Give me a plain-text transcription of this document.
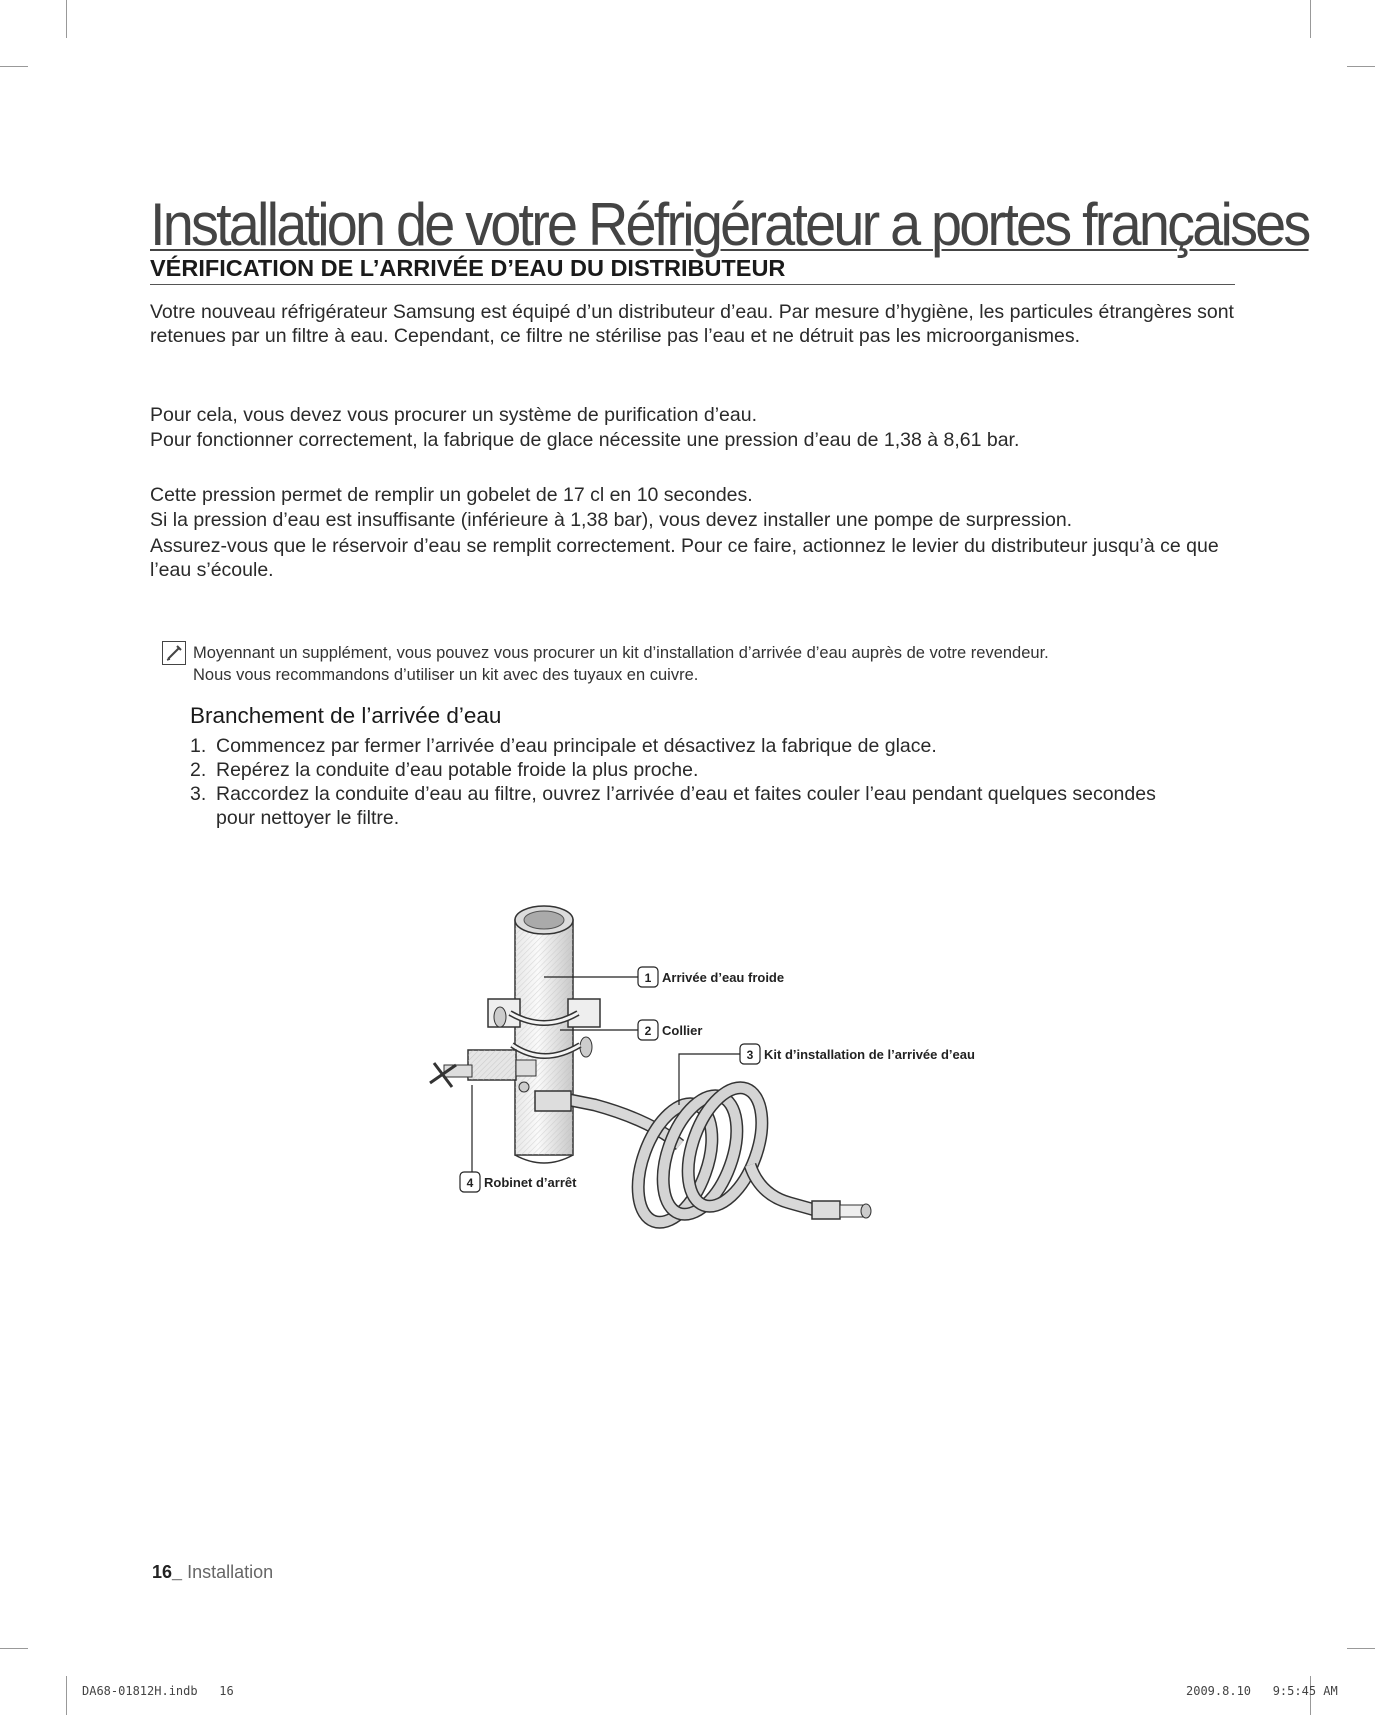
Installation de votre Réfrigérateur a portes françaises
VÉRIFICATION DE L’ARRIVÉE D’EAU DU DISTRIBUTEUR

Votre nouveau réfrigérateur Samsung est équipé d’un distributeur d’eau. Par mesure d’hygiène, les particules étrangères sont retenues par un filtre à eau. Cependant, ce filtre ne stérilise pas l’eau et ne détruit pas les microorganismes.

Pour cela, vous devez vous procurer un système de purification d’eau.

Pour fonctionner correctement, la fabrique de glace nécessite une pression d’eau de 1,38 à 8,61 bar.

Cette pression permet de remplir un gobelet de 17 cl en 10 secondes.

Si la pression d’eau est insuffisante (inférieure à 1,38 bar), vous devez installer une pompe de surpression.

Assurez-vous que le réservoir d’eau se remplit correctement. Pour ce faire, actionnez le levier du distributeur jusqu’à ce que l’eau s’écoule.

Moyennant un supplément, vous pouvez vous procurer un kit d’installation d’arrivée d’eau auprès de votre revendeur.
Nous vous recommandons d’utiliser un kit avec des tuyaux en cuivre.
Branchement de l’arrivée d’eau
1. Commencez par fermer l’arrivée d’eau principale et désactivez la fabrique de glace.
2. Repérez la conduite d’eau potable froide la plus proche.
3. Raccordez la conduite d’eau au filtre, ouvrez l’arrivée d’eau et faites couler l’eau pendant quelques secondes pour nettoyer le filtre.
1 Arrivée d’eau froide
2 Collier
3 Kit d’installation de l’arrivée d’eau
4 Robinet d’arrêt
16_ Installation
DA68-01812H.indb   16	2009.8.10   9:5:45 AM
